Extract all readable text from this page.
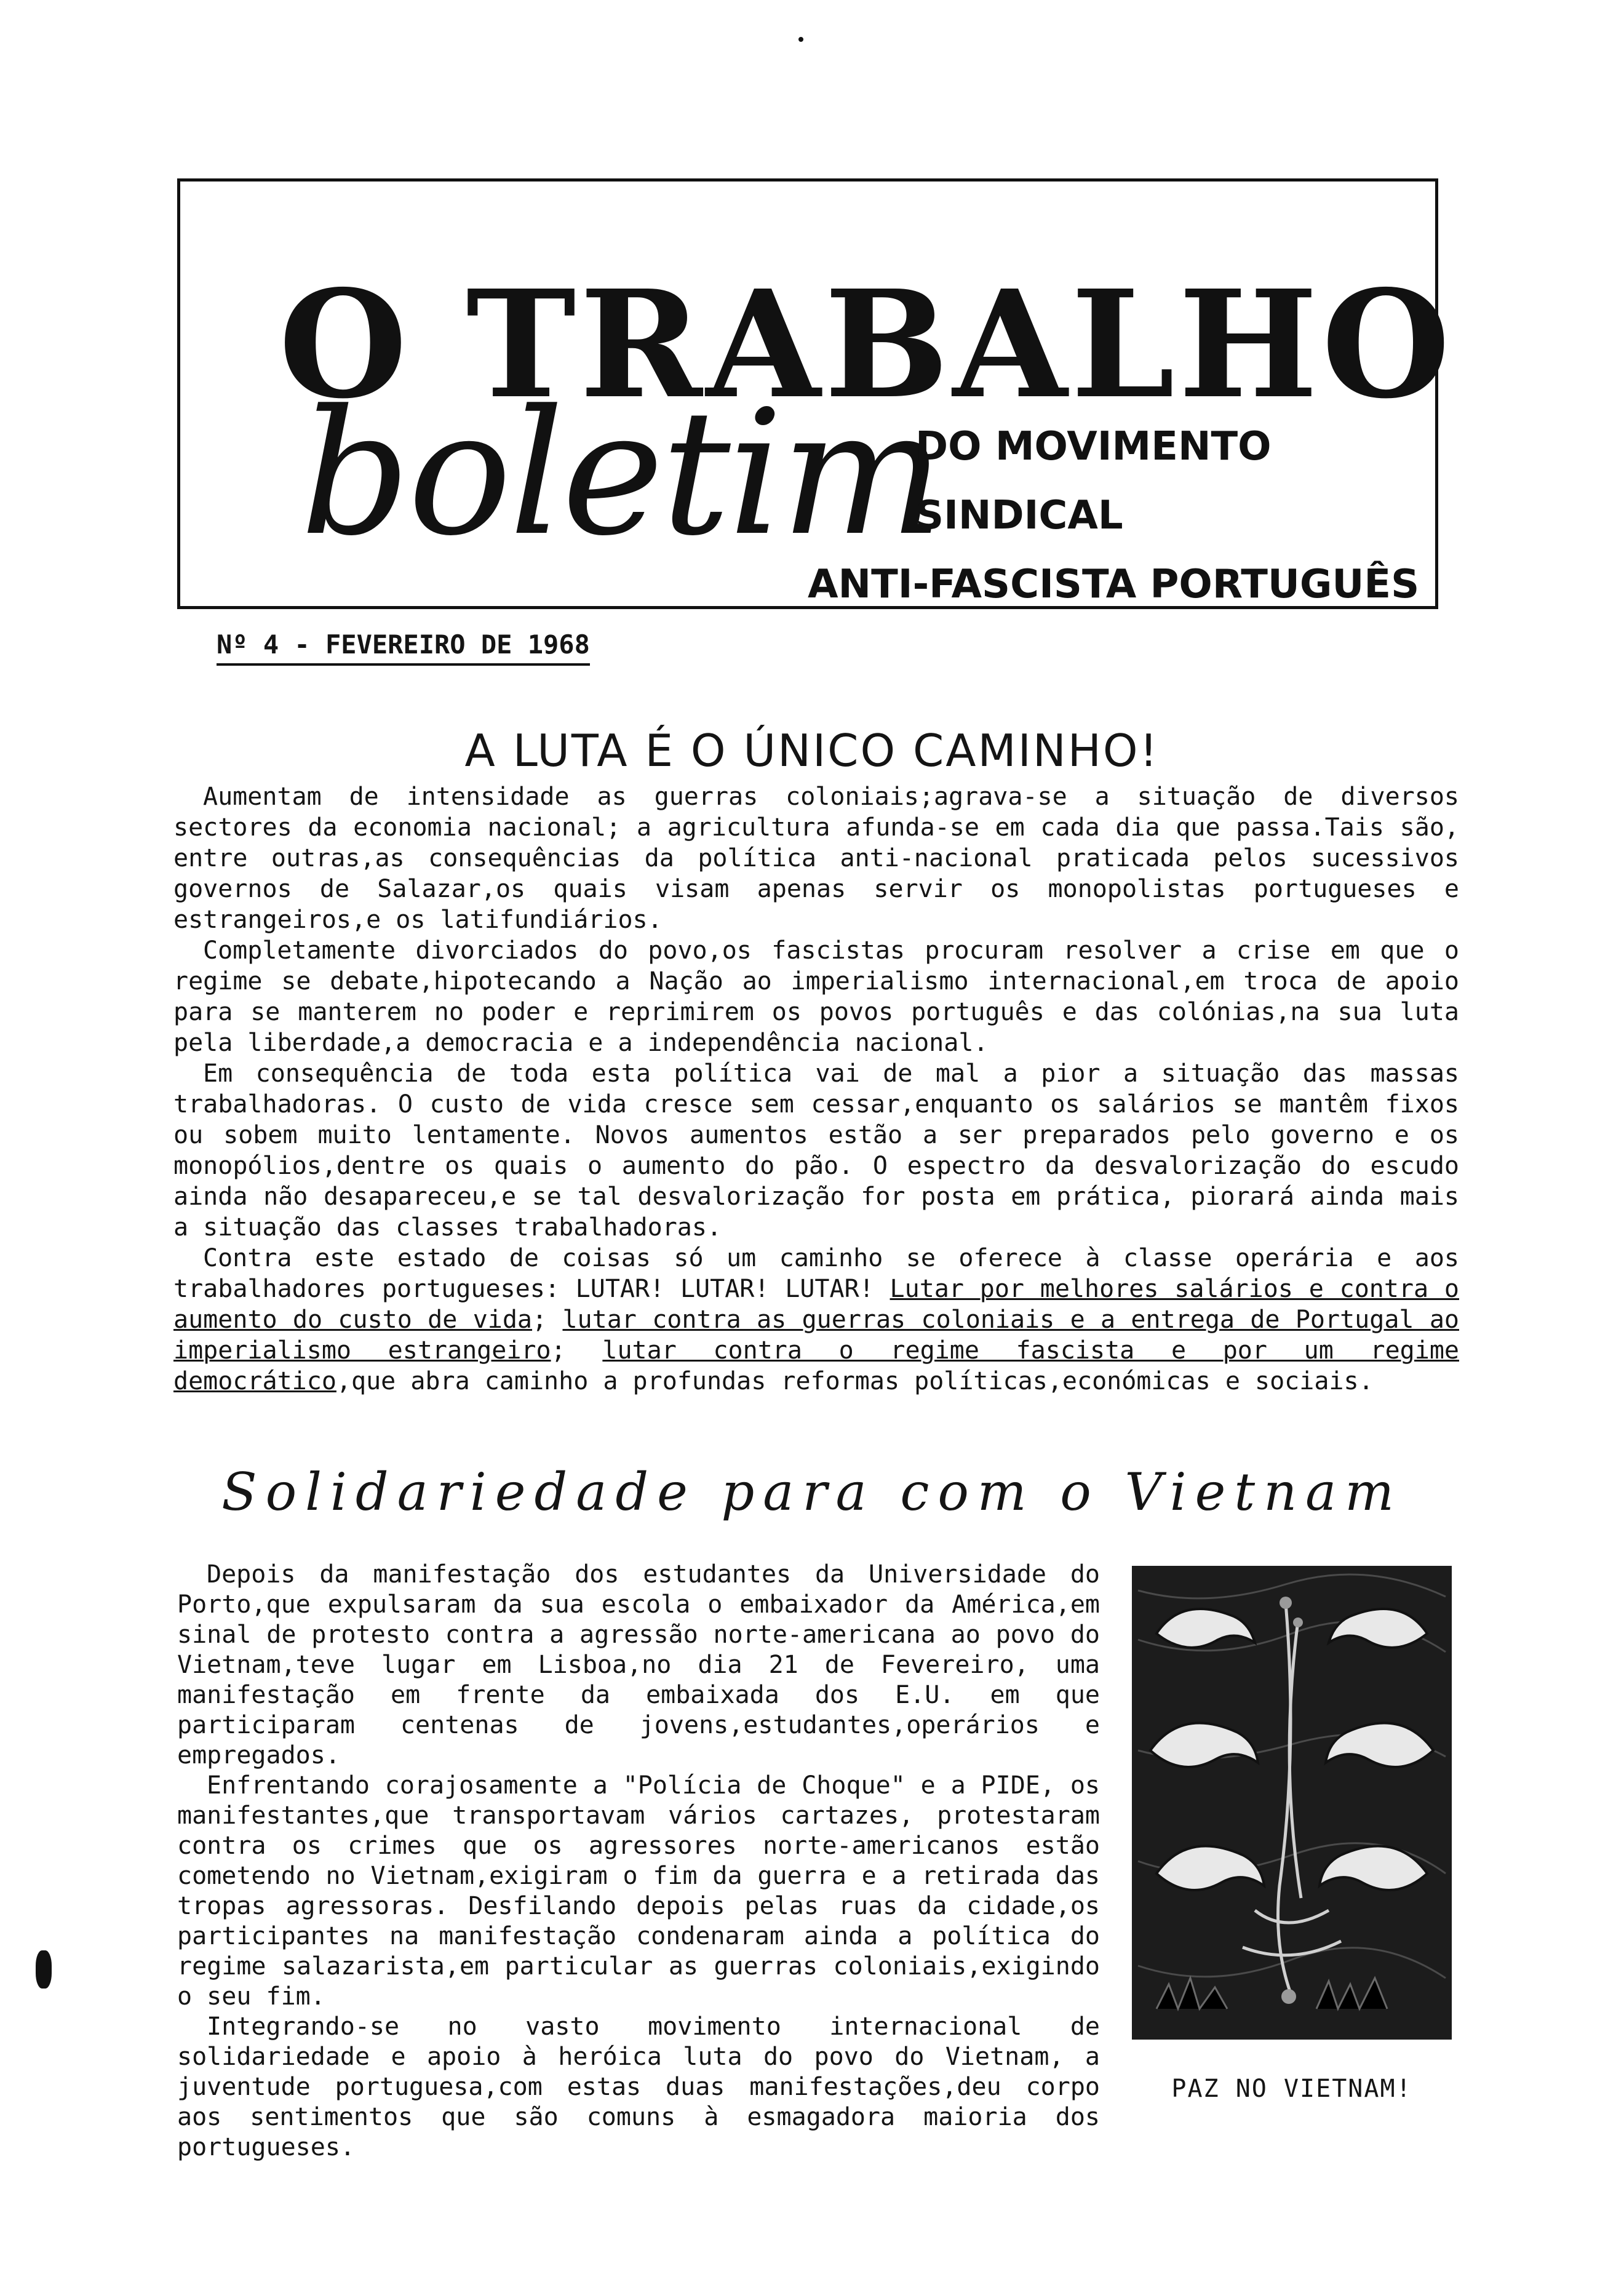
O TRABALHO
boletim
DO MOVIMENTO SINDICAL
ANTI-FASCISTA PORTUGUÊS
Nº 4 - FEVEREIRO DE 1968
A LUTA É O ÚNICO CAMINHO!

Aumentam de intensidade as guerras coloniais;agrava-se a situação de diversos sectores da economia nacional; a agricultura afunda-se em cada dia que passa.Tais são, entre outras,as consequências da política anti-nacional praticada pelos sucessivos governos de Salazar,os quais visam apenas servir os monopolistas portugueses e estrangeiros,e os latifundiários.

Completamente divorciados do povo,os fascistas procuram resolver a crise em que o regime se debate,hipotecando a Nação ao imperialismo internacional,em troca de apoio para se manterem no poder e reprimirem os povos português e das colónias,na sua luta pela liberdade,a democracia e a independência nacional.

Em consequência de toda esta política vai de mal a pior a situação das massas trabalhadoras. O custo de vida cresce sem cessar,enquanto os salários se mantêm fixos ou sobem muito lentamente. Novos aumentos estão a ser preparados pelo governo e os monopólios,dentre os quais o aumento do pão. O espectro da desvalorização do escudo ainda não desapareceu,e se tal desvalorização for posta em prática, piorará ainda mais a situação das classes trabalhadoras.

Contra este estado de coisas só um caminho se oferece à classe operária e aos trabalhadores portugueses: LUTAR! LUTAR! LUTAR! Lutar por melhores salários e contra o aumento do custo de vida; lutar contra as guerras coloniais e a entrega de Portugal ao imperialismo estrangeiro; lutar contra o regime fascista e por um regime democrático,que abra caminho a profundas reformas políticas,económicas e sociais.

Solidariedade para com o Vietnam

Depois da manifestação dos estudantes da Universidade do Porto,que expulsaram da sua escola o embaixador da América,em sinal de protesto contra a agressão norte-americana ao povo do Vietnam,teve lugar em Lisboa,no dia 21 de Fevereiro, uma manifestação em frente da embaixada dos E.U. em que participaram centenas de jovens,estudantes,operários e empregados.

Enfrentando corajosamente a "Polícia de Choque" e a PIDE, os manifestantes,que transportavam vários cartazes, protestaram contra os crimes que os agressores norte-americanos estão cometendo no Vietnam,exigiram o fim da guerra e a retirada das tropas agressoras. Desfilando depois pelas ruas da cidade,os participantes na manifestação condenaram ainda a política do regime salazarista,em particular as guerras coloniais,exigindo o seu fim.

Integrando-se no vasto movimento internacional de solidariedade e apoio à heróica luta do povo do Vietnam, a juventude portuguesa,com estas duas manifestações,deu corpo aos sentimentos que são comuns à esmagadora maioria dos portugueses.

PAZ NO VIETNAM!
